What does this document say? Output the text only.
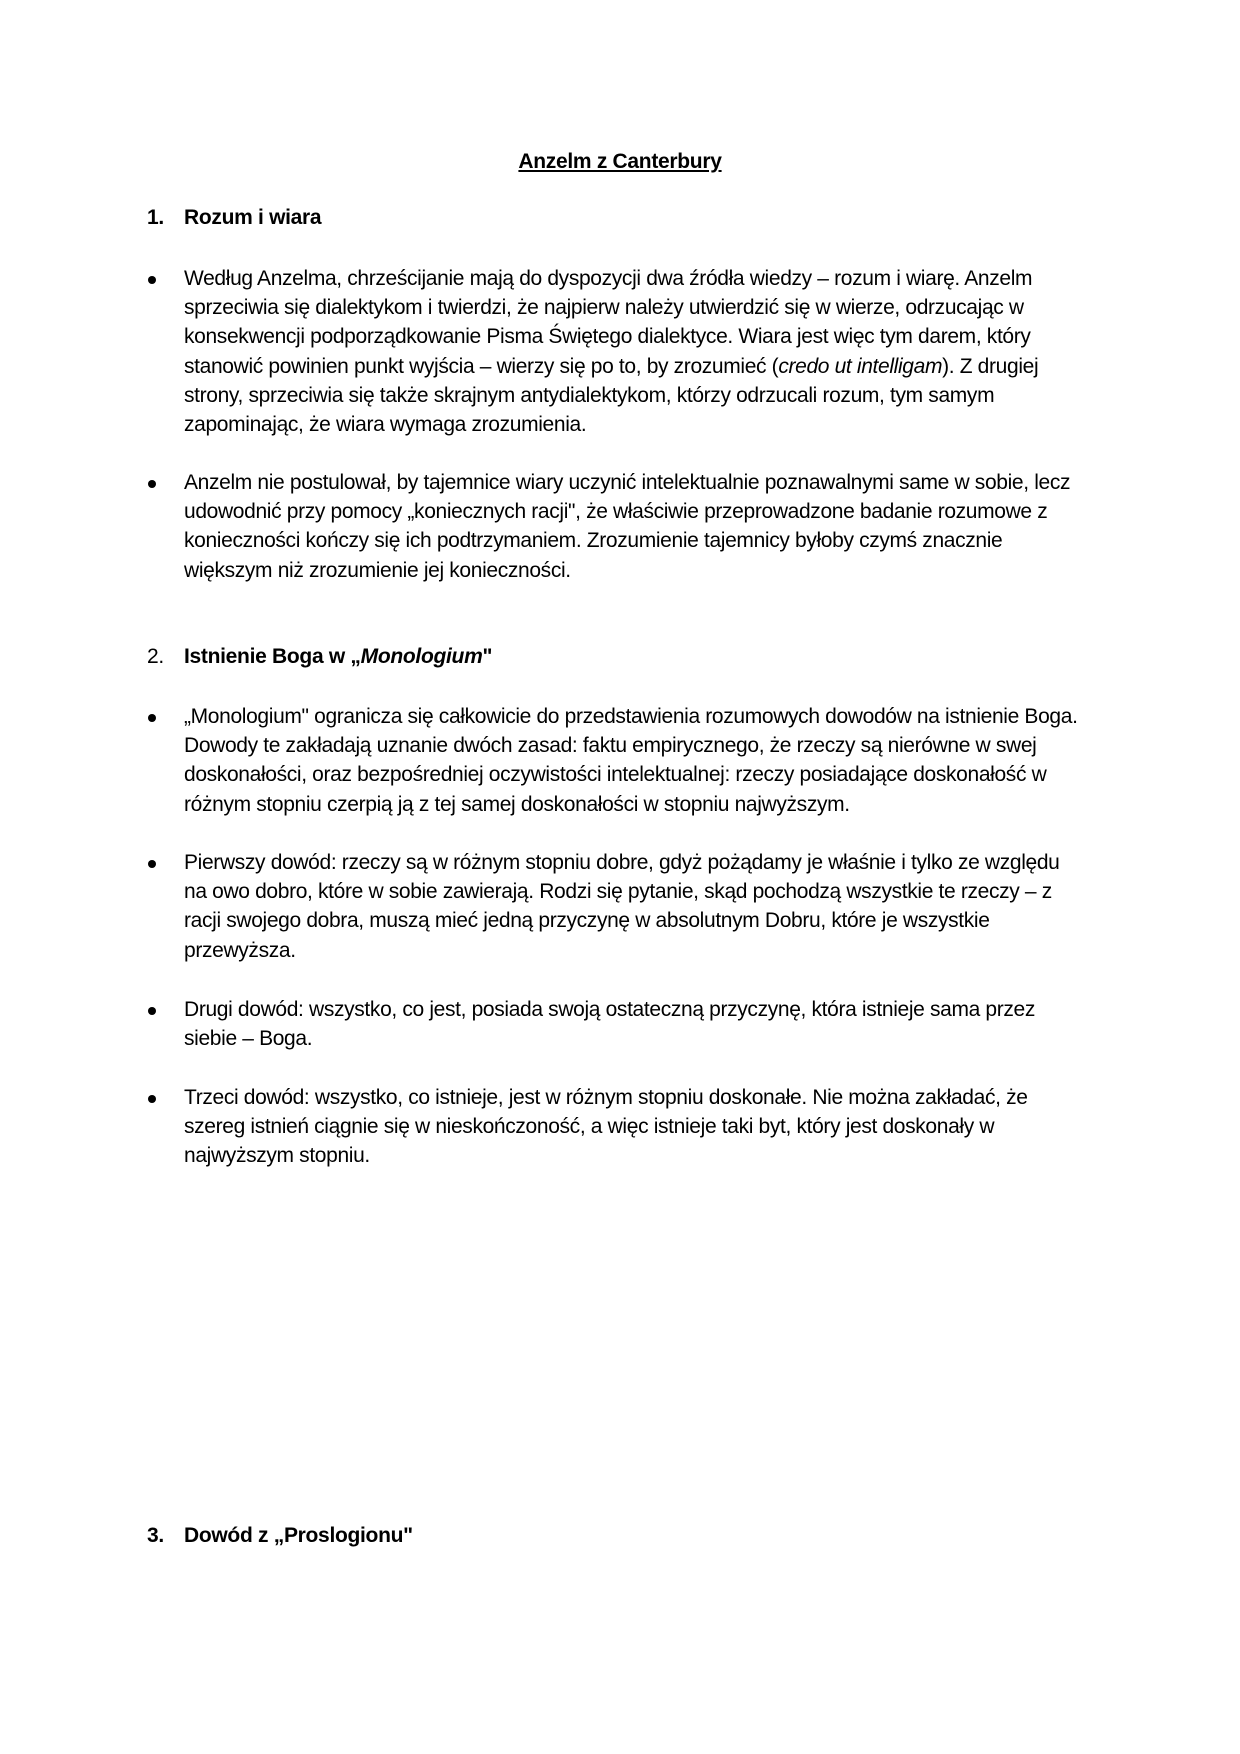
Anzelm z Canterbury
1. Rozum i wiara
Według Anzelma, chrześcijanie mają do dyspozycji dwa źródła wiedzy – rozum i wiarę. Anzelm
sprzeciwia się dialektykom i twierdzi, że najpierw należy utwierdzić się w wierze, odrzucając w
konsekwencji podporządkowanie Pisma Świętego dialektyce. Wiara jest więc tym darem, który
stanowić powinien punkt wyjścia – wierzy się po to, by zrozumieć (credo ut intelligam). Z drugiej
strony, sprzeciwia się także skrajnym antydialektykom, którzy odrzucali rozum, tym samym
zapominając, że wiara wymaga zrozumienia.
Anzelm nie postulował, by tajemnice wiary uczynić intelektualnie poznawalnymi same w sobie, lecz
udowodnić przy pomocy „koniecznych racji", że właściwie przeprowadzone badanie rozumowe z
konieczności kończy się ich podtrzymaniem. Zrozumienie tajemnicy byłoby czymś znacznie
większym niż zrozumienie jej konieczności.
2. Istnienie Boga w „Monologium"
„Monologium" ogranicza się całkowicie do przedstawienia rozumowych dowodów na istnienie Boga.
Dowody te zakładają uznanie dwóch zasad: faktu empirycznego, że rzeczy są nierówne w swej
doskonałości, oraz bezpośredniej oczywistości intelektualnej: rzeczy posiadające doskonałość w
różnym stopniu czerpią ją z tej samej doskonałości w stopniu najwyższym.
Pierwszy dowód: rzeczy są w różnym stopniu dobre, gdyż pożądamy je właśnie i tylko ze względu
na owo dobro, które w sobie zawierają. Rodzi się pytanie, skąd pochodzą wszystkie te rzeczy – z
racji swojego dobra, muszą mieć jedną przyczynę w absolutnym Dobru, które je wszystkie
przewyższa.
Drugi dowód: wszystko, co jest, posiada swoją ostateczną przyczynę, która istnieje sama przez
siebie – Boga.
Trzeci dowód: wszystko, co istnieje, jest w różnym stopniu doskonałe. Nie można zakładać, że
szereg istnień ciągnie się w nieskończoność, a więc istnieje taki byt, który jest doskonały w
najwyższym stopniu.
3. Dowód z „Proslogionu"
